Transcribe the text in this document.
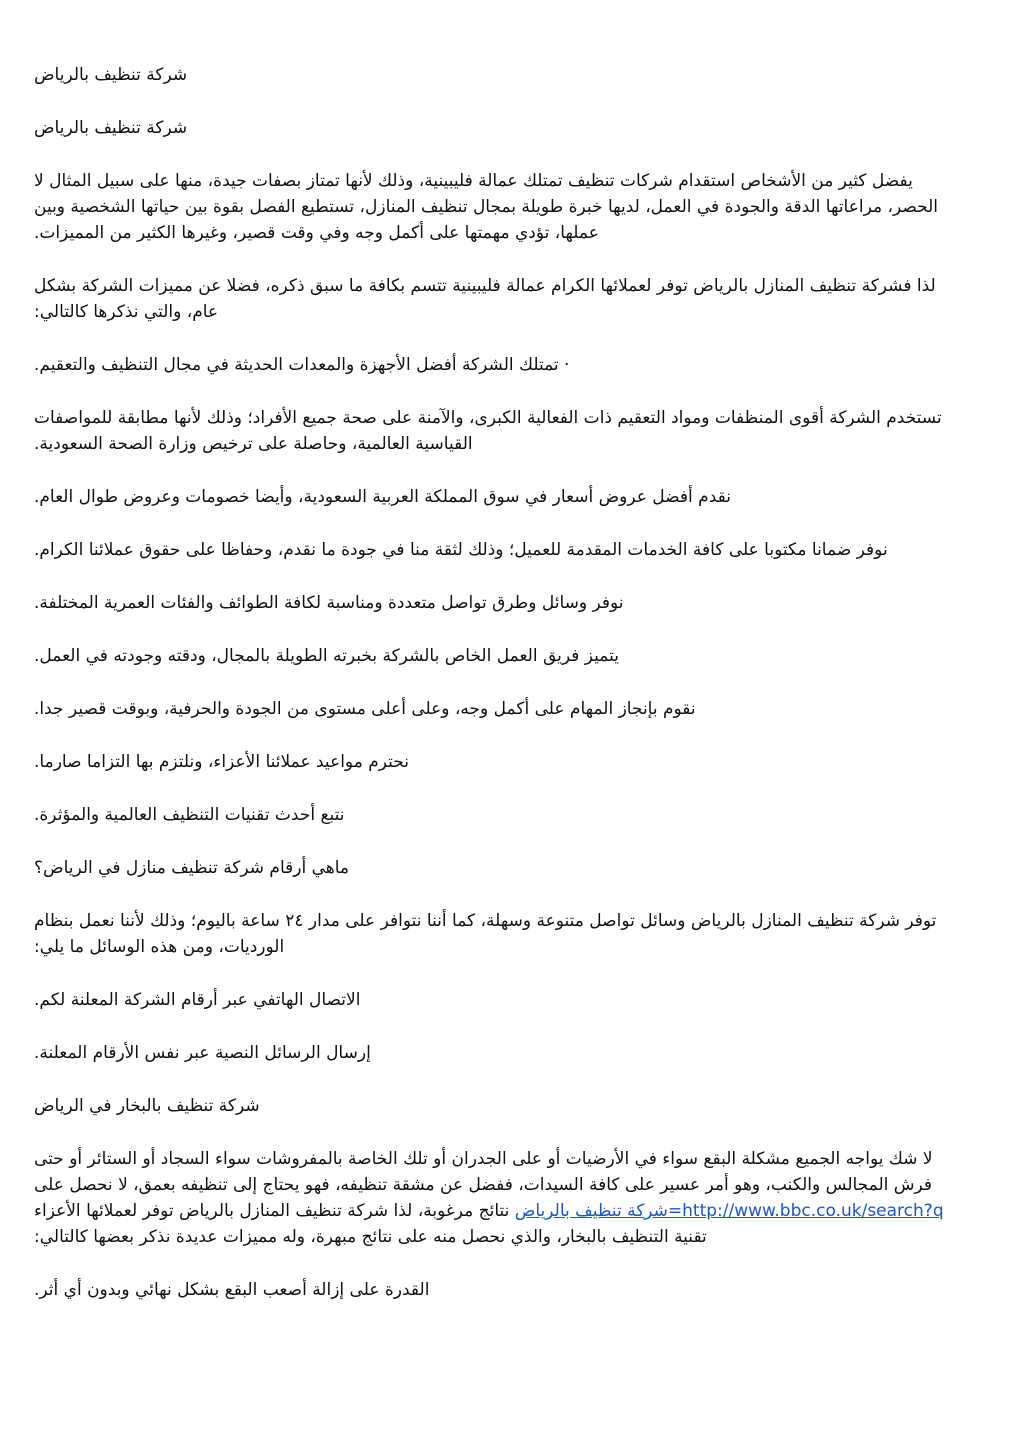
شركة تنظيف بالرياض

شركة تنظيف بالرياض

يفضل كثير من الأشخاص استقدام شركات تنظيف تمتلك عمالة فليبينية، وذلك لأنها تمتاز بصفات جيدة، منها على سبيل المثال لا الحصر، مراعاتها الدقة والجودة في العمل، لديها خبرة طويلة بمجال تنظيف المنازل، تستطيع الفصل بقوة بين حياتها الشخصية وبين عملها، تؤدي مهمتها على أكمل وجه وفي وقت قصير، وغيرها الكثير من المميزات.

لذا فشركة تنظيف المنازل بالرياض توفر لعملائها الكرام عمالة فليبينية تتسم بكافة ما سبق ذكره، فضلا عن مميزات الشركة بشكل عام، والتي نذكرها كالتالي:

· تمتلك الشركة أفضل الأجهزة والمعدات الحديثة في مجال التنظيف والتعقيم.

تستخدم الشركة أقوى المنظفات ومواد التعقيم ذات الفعالية الكبرى، والآمنة على صحة جميع الأفراد؛ وذلك لأنها مطابقة للمواصفات القياسية العالمية، وحاصلة على ترخيص وزارة الصحة السعودية.

نقدم أفضل عروض أسعار في سوق المملكة العربية السعودية، وأيضا خصومات وعروض طوال العام.

نوفر ضمانا مكتوبا على كافة الخدمات المقدمة للعميل؛ وذلك لثقة منا في جودة ما نقدم، وحفاظا على حقوق عملائنا الكرام.

نوفر وسائل وطرق تواصل متعددة ومناسبة لكافة الطوائف والفئات العمرية المختلفة.

يتميز فريق العمل الخاص بالشركة بخبرته الطويلة بالمجال، ودقته وجودته في العمل.

نقوم بإنجاز المهام على أكمل وجه، وعلى أعلى مستوى من الجودة والحرفية، وبوقت قصير جدا.

نحترم مواعيد عملائنا الأعزاء، ونلتزم بها التزاما صارما.

نتبع أحدث تقنيات التنظيف العالمية والمؤثرة.

ماهي أرقام شركة تنظيف منازل في الرياض؟

توفر شركة تنظيف المنازل بالرياض وسائل تواصل متنوعة وسهلة، كما أننا نتوافر على مدار ٢٤ ساعة باليوم؛ وذلك لأننا نعمل بنظام الورديات، ومن هذه الوسائل ما يلي:

الاتصال الهاتفي عبر أرقام الشركة المعلنة لكم.

إرسال الرسائل النصية عبر نفس الأرقام المعلنة.

شركة تنظيف بالبخار في الرياض

لا شك يواجه الجميع مشكلة البقع سواء في الأرضيات أو على الجدران أو تلك الخاصة بالمفروشات سواء السجاد أو الستائر أو حتى فرش المجالس والكنب، وهو أمر عسير على كافة السيدات، ففضل عن مشقة تنظيفه، فهو يحتاج إلى تنظيفه بعمق، لا نحصل على http://www.bbc.co.uk/search?q=شركة تنظيف بالرياض نتائج مرغوبة، لذا شركة تنظيف المنازل بالرياض توفر لعملائها الأعزاء تقنية التنظيف بالبخار، والذي نحصل منه على نتائج مبهرة، وله مميزات عديدة نذكر بعضها كالتالي:

القدرة على إزالة أصعب البقع بشكل نهائي وبدون أي أثر.
